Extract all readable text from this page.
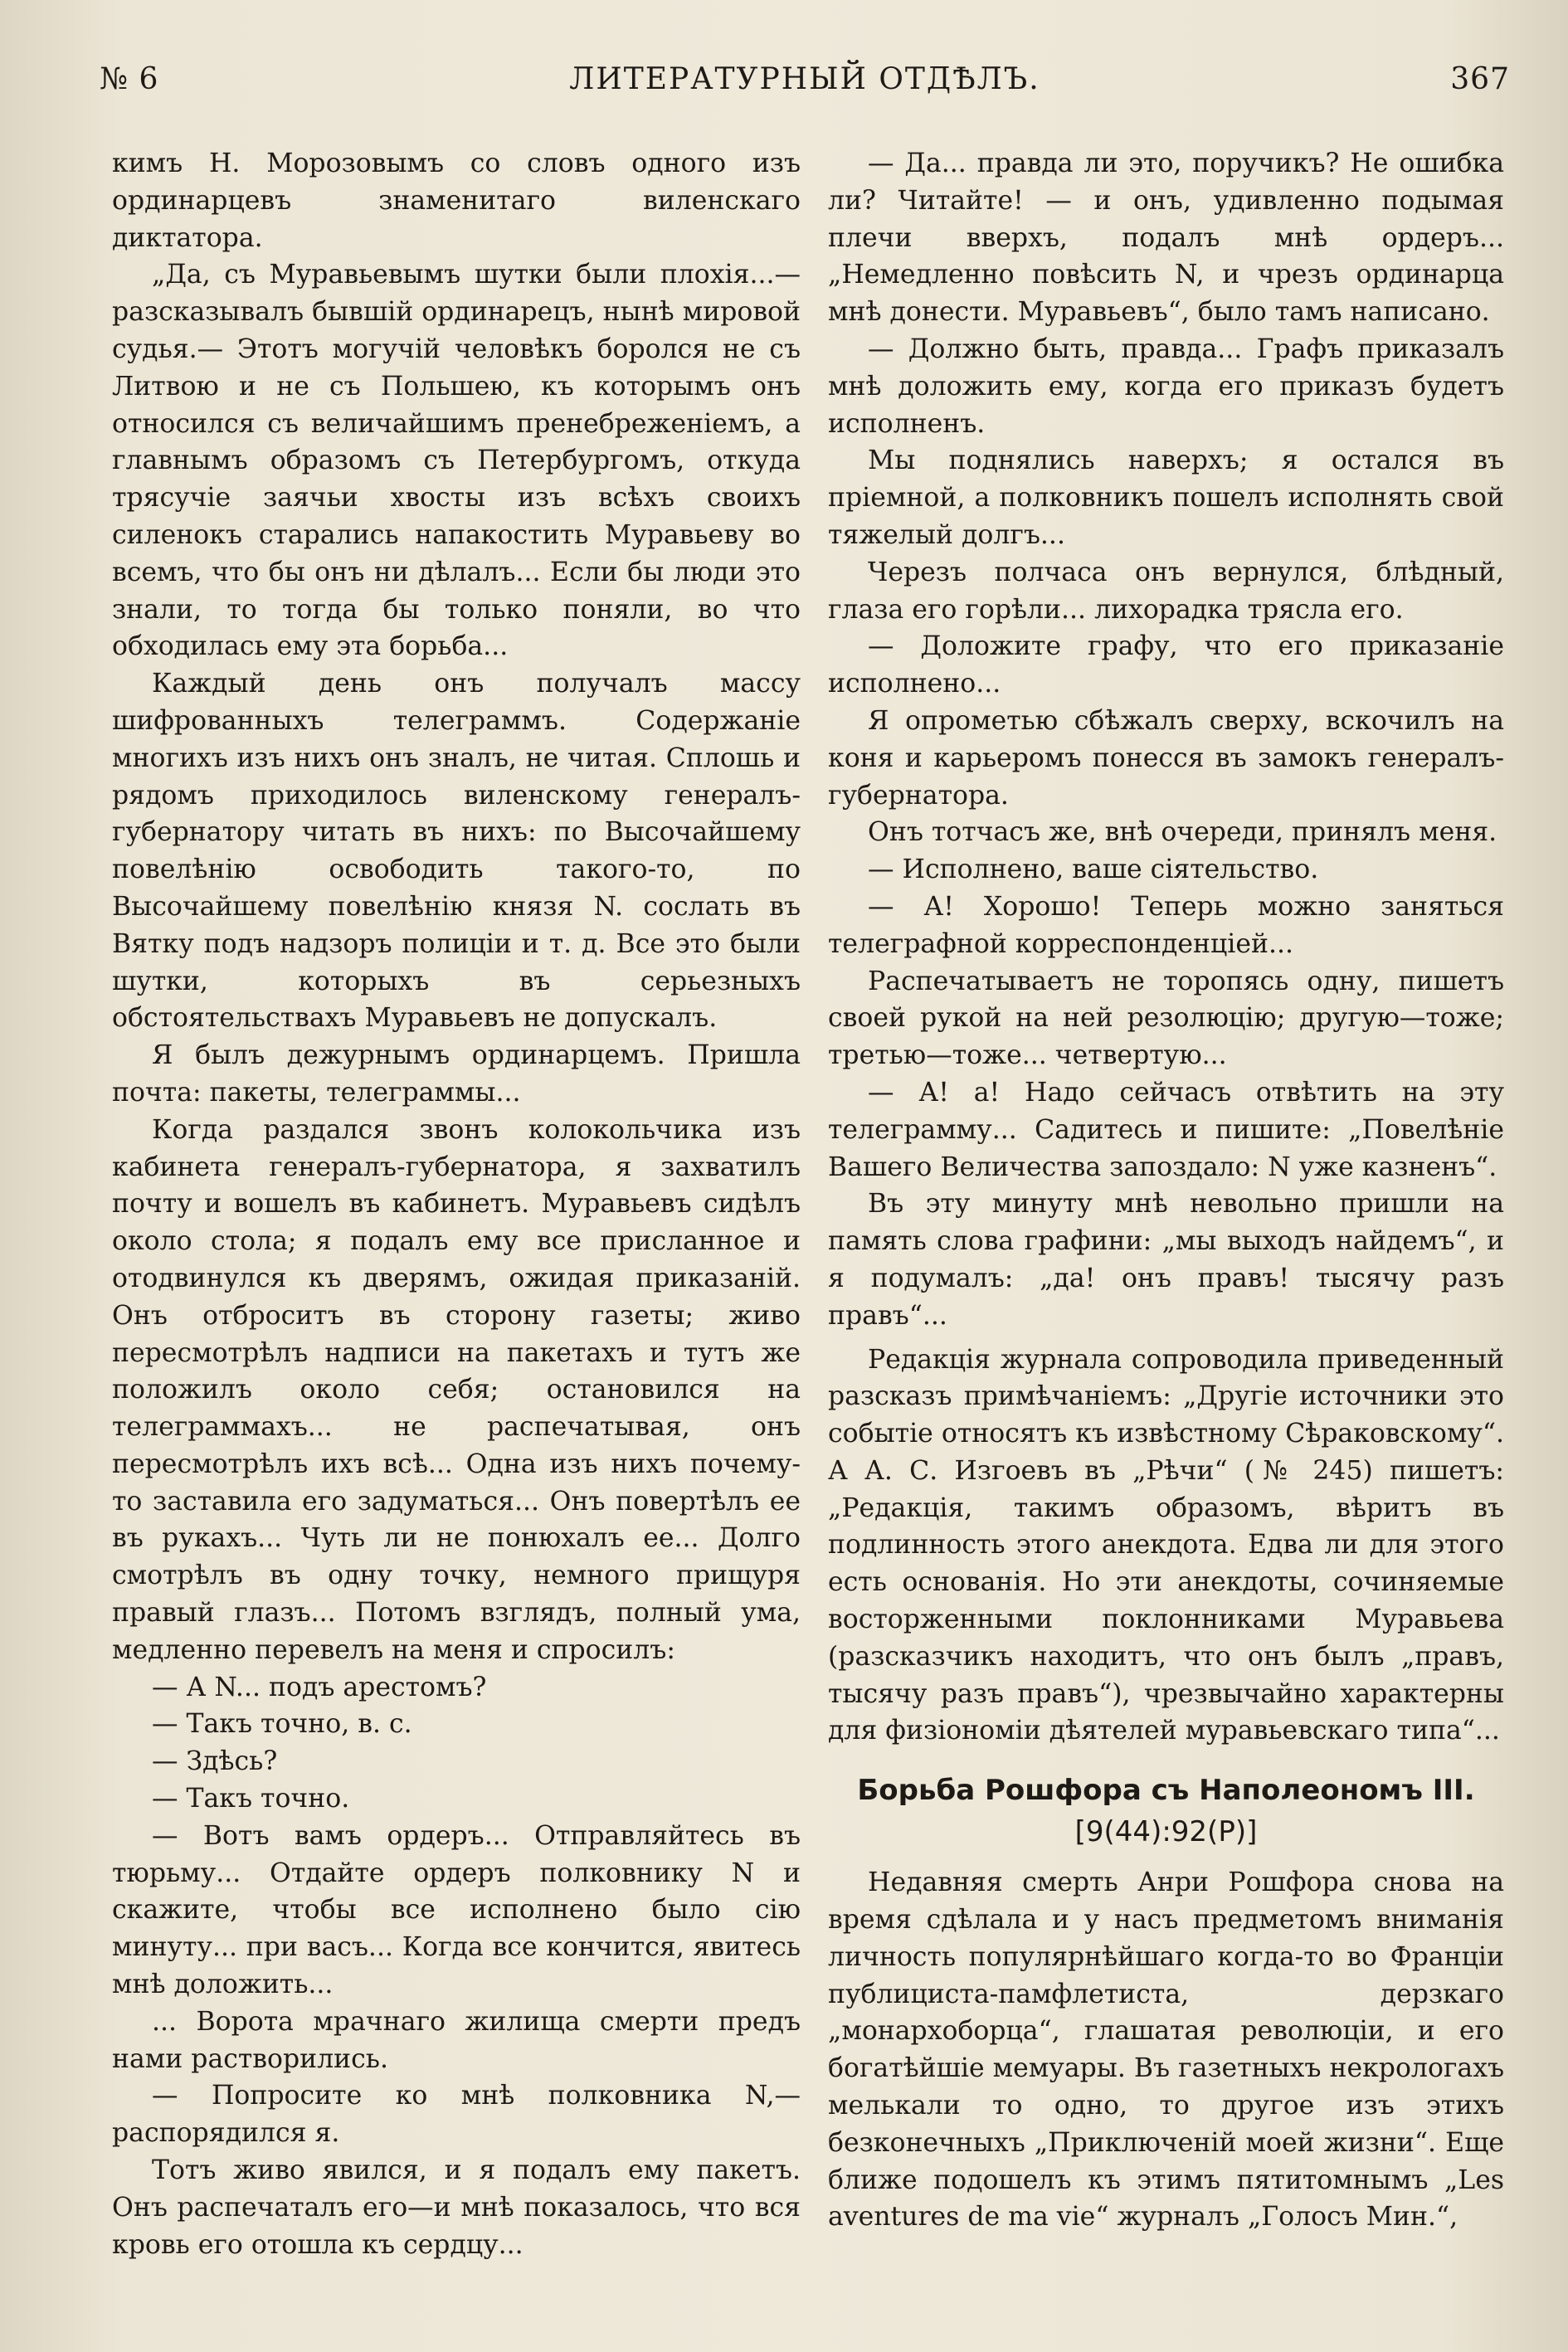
№ 6	ЛИТЕРАТУРНЫЙ ОТДѢЛЪ.	367

кимъ Н. Морозовымъ со словъ одного изъ ординарцевъ знаменитаго виленскаго диктатора.

„Да, съ Муравьевымъ шутки были плохія...— разсказывалъ бывшій ординарецъ, нынѣ мировой судья.— Этотъ могучій человѣкъ боролся не съ Литвою и не съ Польшею, къ которымъ онъ относился съ величайшимъ пренебреженіемъ, а главнымъ образомъ съ Петербургомъ, откуда трясучіе заячьи хвосты изъ всѣхъ своихъ силенокъ старались напакостить Муравьеву во всемъ, что бы онъ ни дѣлалъ... Если бы люди это знали, то тогда бы только поняли, во что обходилась ему эта борьба...

Каждый день онъ получалъ массу шифрованныхъ телеграммъ. Содержаніе многихъ изъ нихъ онъ зналъ, не читая. Сплошь и рядомъ приходилось виленскому генералъ-губернатору читать въ нихъ: по Высочайшему повелѣнію освободить такого-то, по Высочайшему повелѣнію князя N. сослать въ Вятку подъ надзоръ полиціи и т. д. Все это были шутки, которыхъ въ серьезныхъ обстоятельствахъ Муравьевъ не допускалъ.

Я былъ дежурнымъ ординарцемъ. Пришла почта: пакеты, телеграммы...

Когда раздался звонъ колокольчика изъ кабинета генералъ-губернатора, я захватилъ почту и вошелъ въ кабинетъ. Муравьевъ сидѣлъ около стола; я подалъ ему все присланное и отодвинулся къ дверямъ, ожидая приказаній. Онъ отброситъ въ сторону газеты; живо пересмотрѣлъ надписи на пакетахъ и тутъ же положилъ около себя; остановился на телеграммахъ... не распечатывая, онъ пересмотрѣлъ ихъ всѣ... Одна изъ нихъ почему-то заставила его задуматься... Онъ повертѣлъ ее въ рукахъ... Чуть ли не понюхалъ ее... Долго смотрѣлъ въ одну точку, немного прищуря правый глазъ... Потомъ взглядъ, полный ума, медленно перевелъ на меня и спросилъ:

— А N... подъ арестомъ?

— Такъ точно, в. с.

— Здѣсь?

— Такъ точно.

— Вотъ вамъ ордеръ... Отправляйтесь въ тюрьму... Отдайте ордеръ полковнику N и скажите, чтобы все исполнено было сію минуту... при васъ... Когда все кончится, явитесь мнѣ доложить...

... Ворота мрачнаго жилища смерти предъ нами растворились.

— Попросите ко мнѣ полковника N,—распорядился я.

Тотъ живо явился, и я подалъ ему пакетъ. Онъ распечаталъ его—и мнѣ показалось, что вся кровь его отошла къ сердцу...

— Да... правда ли это, поручикъ? Не ошибка ли? Читайте! — и онъ, удивленно подымая плечи вверхъ, подалъ мнѣ ордеръ... „Немедленно повѣсить N, и чрезъ ординарца мнѣ донести. Муравьевъ“, было тамъ написано.

— Должно быть, правда... Графъ приказалъ мнѣ доложить ему, когда его приказъ будетъ исполненъ.

Мы поднялись наверхъ; я остался въ пріемной, а полковникъ пошелъ исполнять свой тяжелый долгъ...

Черезъ полчаса онъ вернулся, блѣдный, глаза его горѣли... лихорадка трясла его.

— Доложите графу, что его приказаніе исполнено...

Я опрометью сбѣжалъ сверху, вскочилъ на коня и карьеромъ понесся въ замокъ генералъ-губернатора.

Онъ тотчасъ же, внѣ очереди, принялъ меня.

— Исполнено, ваше сіятельство.

— А! Хорошо! Теперь можно заняться телеграфной корреспонденціей...

Распечатываетъ не торопясь одну, пишетъ своей рукой на ней резолюцію; другую—тоже; третью—тоже... четвертую...

— А! а! Надо сейчасъ отвѣтить на эту телеграмму... Садитесь и пишите: „Повелѣніе Вашего Величества запоздало: N уже казненъ“.

Въ эту минуту мнѣ невольно пришли на память слова графини: „мы выходъ найдемъ“, и я подумалъ: „да! онъ правъ! тысячу разъ правъ“...

Редакція журнала сопроводила приведенный разсказъ примѣчаніемъ: „Другіе источники это событіе относятъ къ извѣстному Сѣраковскому“. А А. С. Изгоевъ въ „Рѣчи“ (№ 245) пишетъ: „Редакція, такимъ образомъ, вѣритъ въ подлинность этого анекдота. Едва ли для этого есть основанія. Но эти анекдоты, сочиняемые восторженными поклонниками Муравьева (разсказчикъ находитъ, что онъ былъ „правъ, тысячу разъ правъ“), чрезвычайно характерны для физіономіи дѣятелей муравьевскаго типа“...

Борьба Рошфора съ Наполеономъ III.
[9(44):92(Р)]

Недавняя смерть Анри Рошфора снова на время сдѣлала и у насъ предметомъ вниманія личность популярнѣйшаго когда-то во Франціи публициста-памфлетиста, дерзкаго „монархоборца“, глашатая революціи, и его богатѣйшіе мемуары. Въ газетныхъ некрологахъ мелькали то одно, то другое изъ этихъ безконечныхъ „Приключеній моей жизни“. Еще ближе подошелъ къ этимъ пятитомнымъ „Les aventures de ma vie“ журналъ „Голосъ Мин.“,
